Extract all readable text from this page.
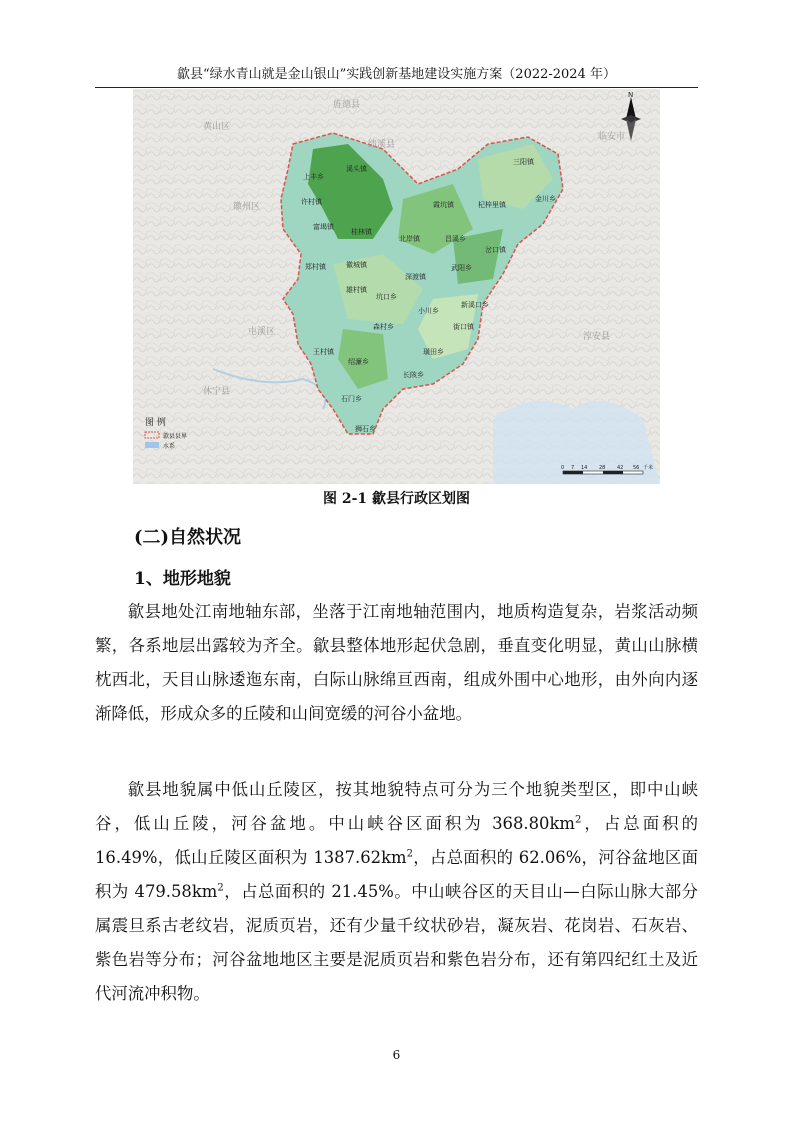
歙县“绿水青山就是金山银山”实践创新基地建设实施方案（2022-2024 年）
N
黄山区
旌德县
绩溪县
临安市
徽州区
屯溪区
休宁县
淳安县
上丰乡
溪头镇
许村镇
富堨镇
桂林镇
霞坑镇	杞梓里镇
三阳镇
金川乡
北岸镇	昌溪乡
郑村镇	徽城镇
深渡镇
武阳乡
岔口镇
雄村镇
坑口乡
新溪口乡
小川乡
森村乡	街口镇
王村镇	璜田乡
绍濂乡
长陔乡
石门乡
狮石乡
图 例
歙县县界
水系
0 7 14 28 42 56 千米
图 2-1 歙县行政区划图
(二)自然状况
1、地形地貌

歙县地处江南地轴东部，坐落于江南地轴范围内，地质构造复杂，岩浆活动频繁，各系地层出露较为齐全。歙县整体地形起伏急剧，垂直变化明显，黄山山脉横枕西北，天目山脉逶迤东南，白际山脉绵亘西南，组成外围中心地形，由外向内逐渐降低，形成众多的丘陵和山间宽缓的河谷小盆地。

歙县地貌属中低山丘陵区，按其地貌特点可分为三个地貌类型区，即中山峡谷，低山丘陵，河谷盆地。中山峡谷区面积为 $368.80km^2$，占总面积的 16.49%，低山丘陵区面积为 $1387.62km^2$，占总面积的 62.06%，河谷盆地区面积为 $479.58km^2$，占总面积的 21.45%。中山峡谷区的天目山—白际山脉大部分属震旦系古老纹岩，泥质页岩，还有少量千纹状砂岩，凝灰岩、花岗岩、石灰岩、紫色岩等分布；河谷盆地地区主要是泥质页岩和紫色岩分布，还有第四纪红土及近代河流冲积物。

6
